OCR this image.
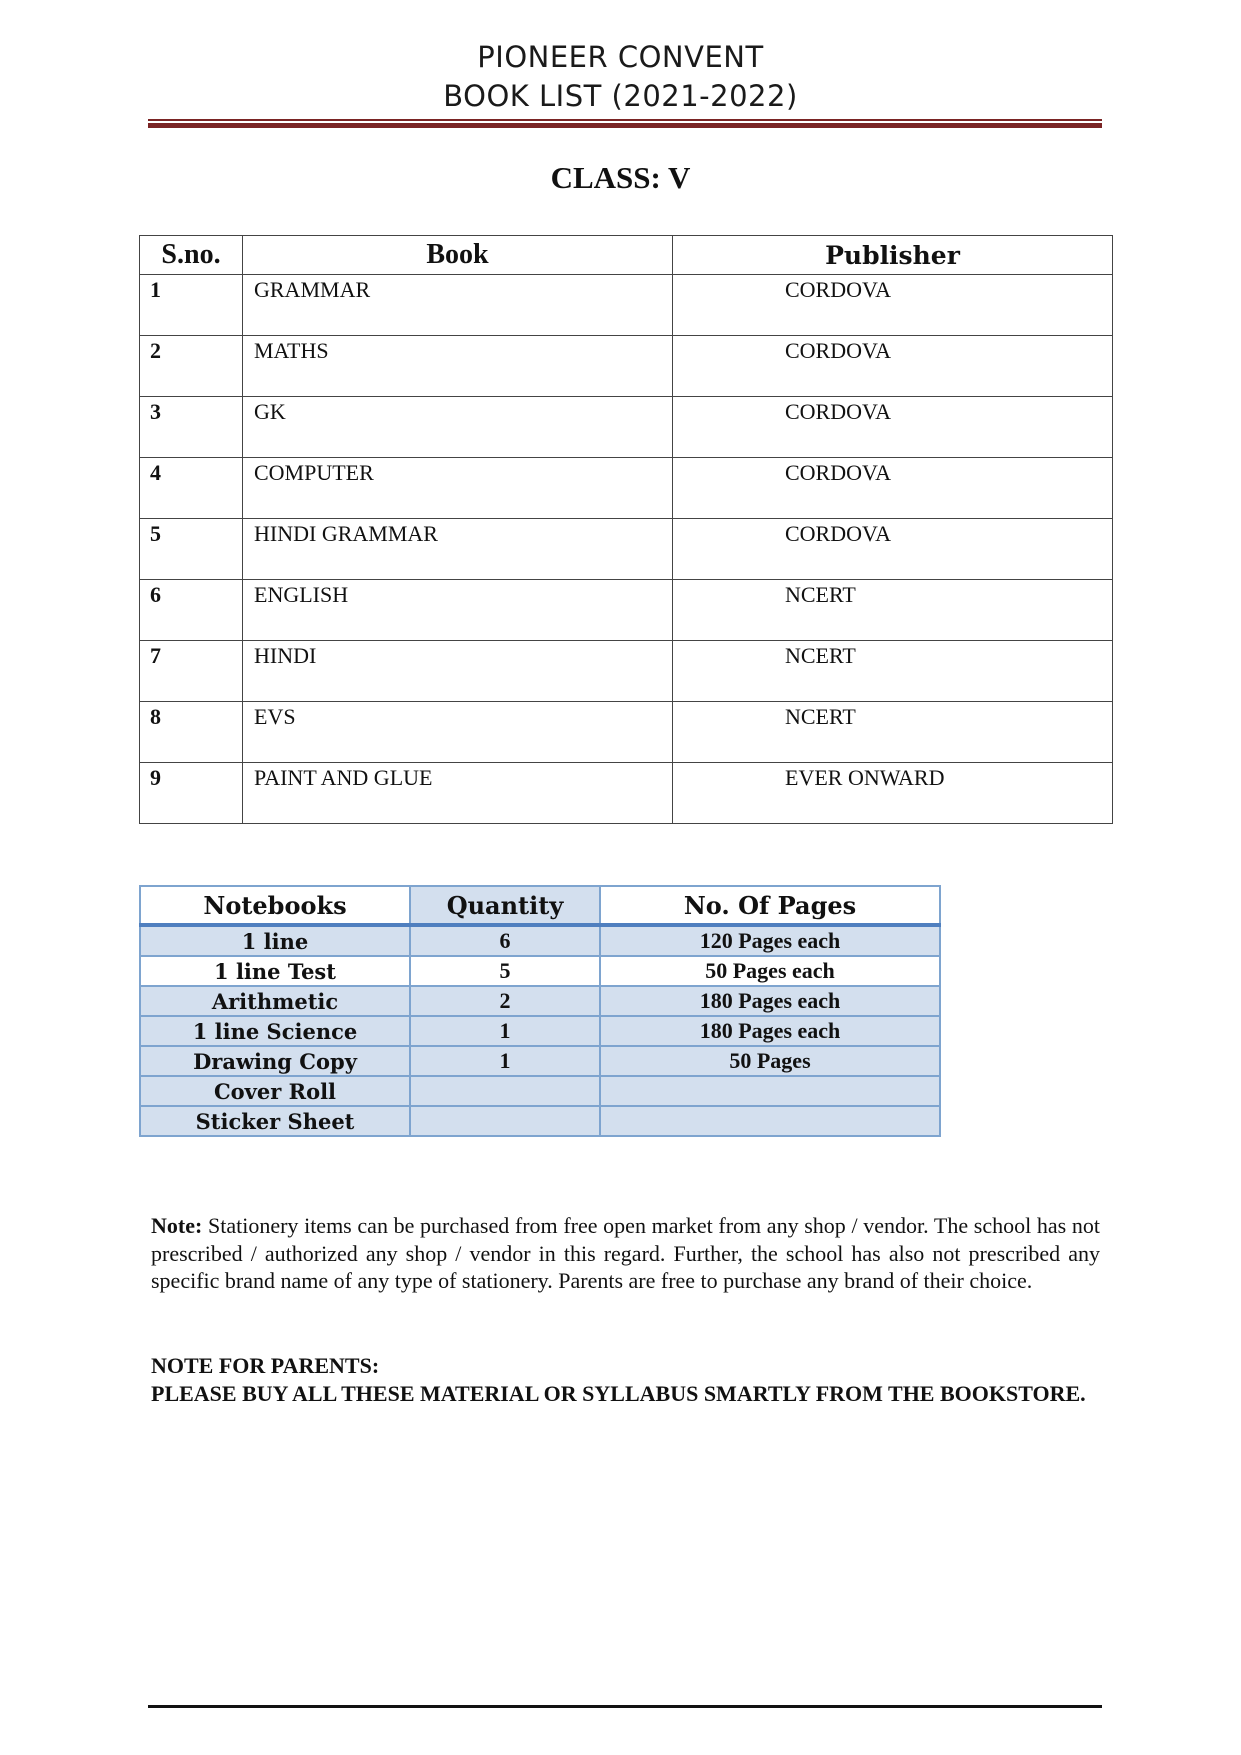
PIONEER CONVENT
BOOK LIST (2021-2022)
CLASS: V
S.no.	Book	Publisher
1	GRAMMAR	CORDOVA
2	MATHS	CORDOVA
3	GK	CORDOVA
4	COMPUTER	CORDOVA
5	HINDI GRAMMAR	CORDOVA
6	ENGLISH	NCERT
7	HINDI	NCERT
8	EVS	NCERT
9	PAINT AND GLUE	EVER ONWARD
Notebooks	Quantity	No. Of Pages
1 line	6	120 Pages each
1 line Test	5	50 Pages each
Arithmetic	2	180 Pages each
1 line Science	1	180 Pages each
Drawing Copy	1	50 Pages
Cover Roll		
Sticker Sheet		
Note: Stationery items can be purchased from free open market from any shop / vendor. The school has not prescribed / authorized any shop / vendor in this regard. Further, the school has also not prescribed any specific brand name of any type of stationery. Parents are free to purchase any brand of their choice.
NOTE FOR PARENTS:
PLEASE BUY ALL THESE MATERIAL OR SYLLABUS SMARTLY FROM THE BOOKSTORE.
